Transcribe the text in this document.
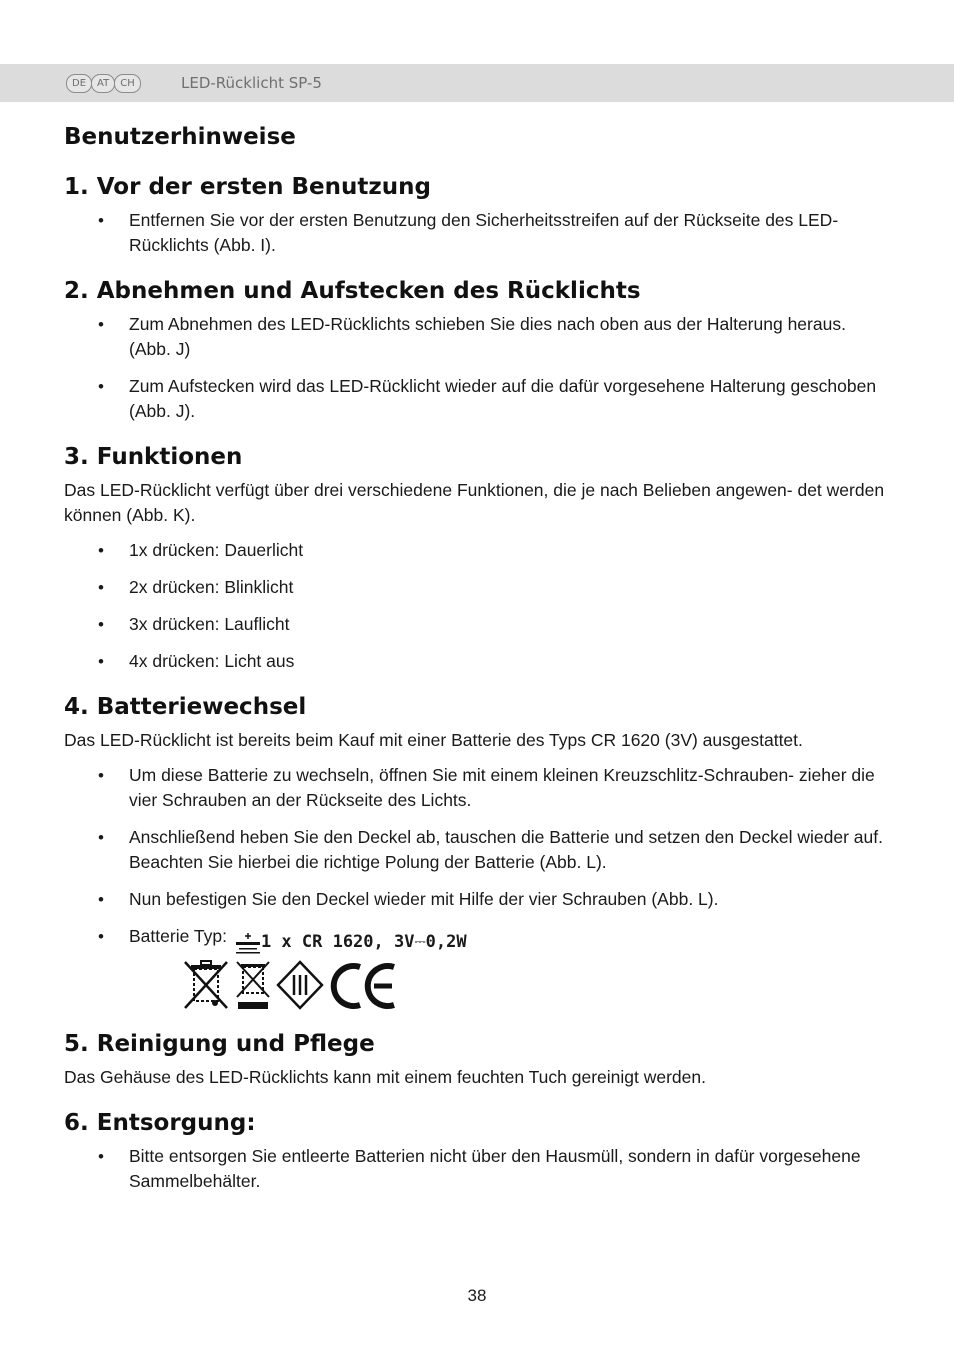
DE	AT	CH	LED-Rücklicht SP-5
Benutzerhinweise
1. Vor der ersten Benutzung
• Entfernen Sie vor der ersten Benutzung den Sicherheitsstreifen auf der Rückseite des LED-Rücklichts (Abb. I).
2. Abnehmen und Aufstecken des Rücklichts
• Zum Abnehmen des LED-Rücklichts schieben Sie dies nach oben aus der Halterung heraus. (Abb. J)
• Zum Aufstecken wird das LED-Rücklicht wieder auf die dafür vorgesehene Halterung geschoben (Abb. J).
3. Funktionen

Das LED-Rücklicht verfügt über drei verschiedene Funktionen, die je nach Belieben angewen- det werden können (Abb. K).

• 1x drücken: Dauerlicht
• 2x drücken: Blinklicht
• 3x drücken: Lauflicht
• 4x drücken: Licht aus
4. Batteriewechsel

Das LED-Rücklicht ist bereits beim Kauf mit einer Batterie des Typs CR 1620 (3V) ausgestattet.

• Um diese Batterie zu wechseln, öffnen Sie mit einem kleinen Kreuzschlitz-Schrauben- zieher die vier Schrauben an der Rückseite des Lichts.
• Anschließend heben Sie den Deckel ab, tauschen die Batterie und setzen den Deckel wieder auf. Beachten Sie hierbei die richtige Polung der Batterie (Abb. L).
• Nun befestigen Sie den Deckel wieder mit Hilfe der vier Schrauben (Abb. L).
• Batterie Typ: 1 x CR 1620, 3V ⎓ 0,2W
5. Reinigung und Pflege

Das Gehäuse des LED-Rücklichts kann mit einem feuchten Tuch gereinigt werden.

6. Entsorgung:
• Bitte entsorgen Sie entleerte Batterien nicht über den Hausmüll, sondern in dafür vorgesehene Sammelbehälter.
38
